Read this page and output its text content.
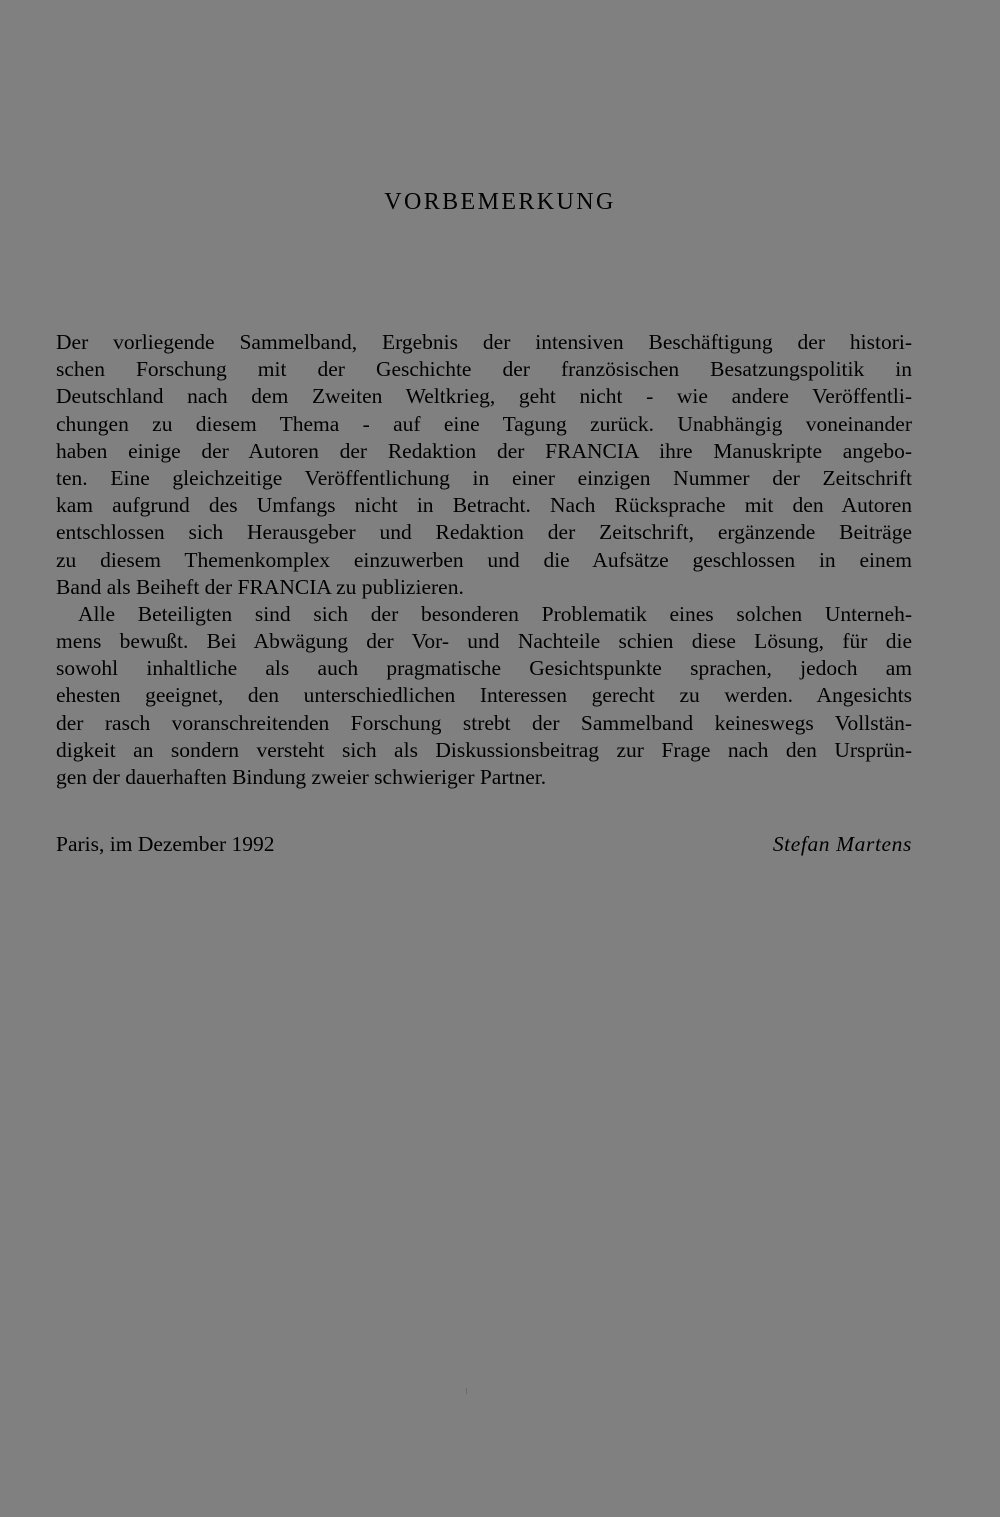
VORBEMERKUNG
Der vorliegende Sammelband, Ergebnis der intensiven Beschäftigung der histori-
schen Forschung mit der Geschichte der französischen Besatzungspolitik in
Deutschland nach dem Zweiten Weltkrieg, geht nicht - wie andere Veröffentli-
chungen zu diesem Thema - auf eine Tagung zurück. Unabhängig voneinander
haben einige der Autoren der Redaktion der FRANCIA ihre Manuskripte angebo-
ten. Eine gleichzeitige Veröffentlichung in einer einzigen Nummer der Zeitschrift
kam aufgrund des Umfangs nicht in Betracht. Nach Rücksprache mit den Autoren
entschlossen sich Herausgeber und Redaktion der Zeitschrift, ergänzende Beiträge
zu diesem Themenkomplex einzuwerben und die Aufsätze geschlossen in einem
Band als Beiheft der FRANCIA zu publizieren.
Alle Beteiligten sind sich der besonderen Problematik eines solchen Unterneh-
mens bewußt. Bei Abwägung der Vor- und Nachteile schien diese Lösung, für die
sowohl inhaltliche als auch pragmatische Gesichtspunkte sprachen, jedoch am
ehesten geeignet, den unterschiedlichen Interessen gerecht zu werden. Angesichts
der rasch voranschreitenden Forschung strebt der Sammelband keineswegs Vollstän-
digkeit an sondern versteht sich als Diskussionsbeitrag zur Frage nach den Ursprün-
gen der dauerhaften Bindung zweier schwieriger Partner.
Paris, im Dezember 1992	Stefan Martens
